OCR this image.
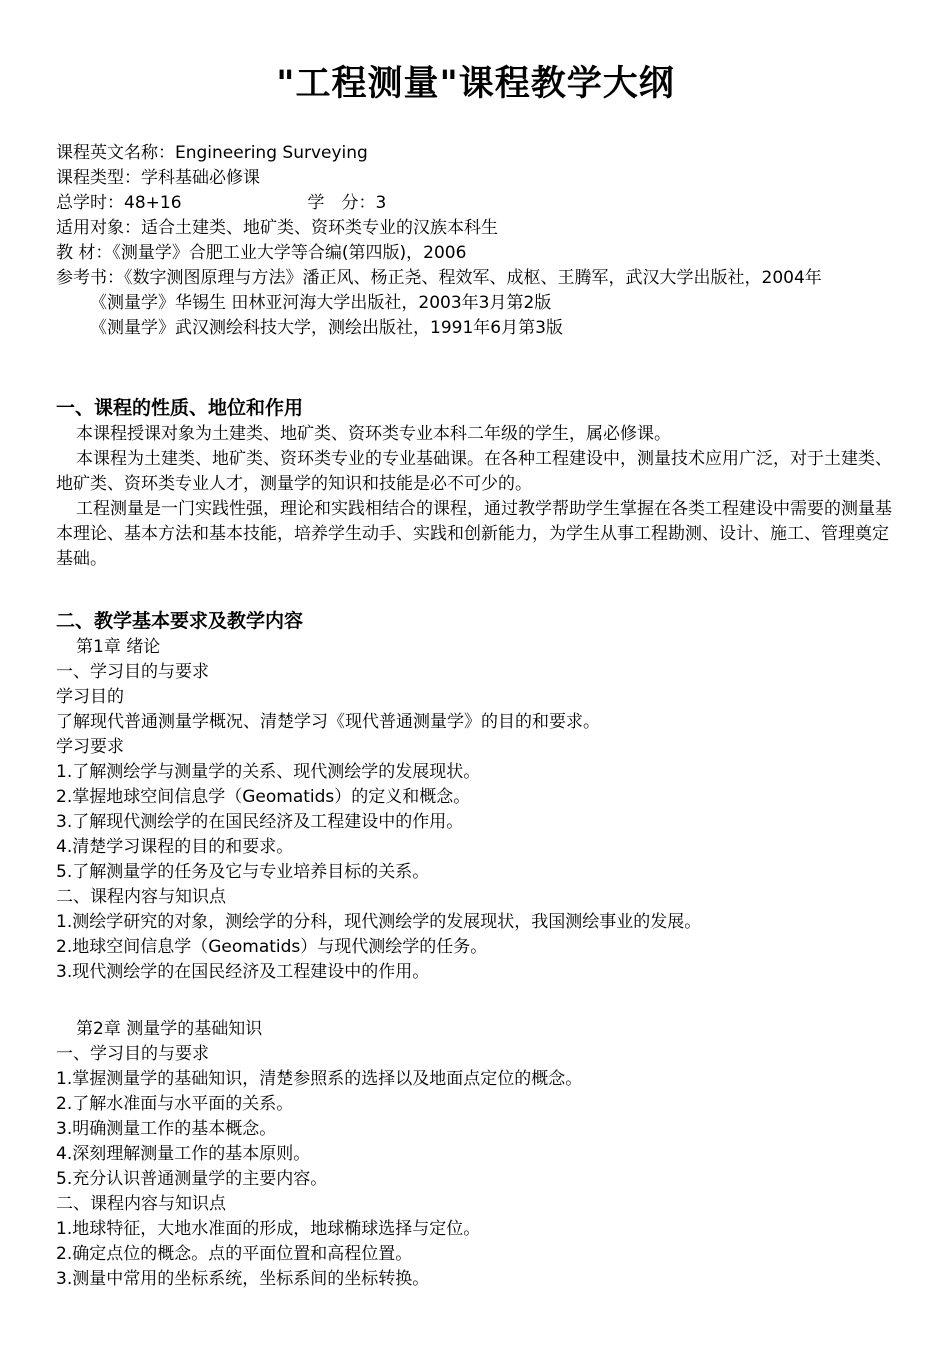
"工程测量"课程教学大纲
课程英文名称：Engineering Surveying
课程类型：学科基础必修课
总学时：48+16	学　分：3
适用对象：适合土建类、地矿类、资环类专业的汉族本科生
教 材：《测量学》合肥工业大学等合编(第四版)，2006
参考书：《数字测图原理与方法》潘正风、杨正尧、程效军、成枢、王腾军，武汉大学出版社，2004年
《测量学》华锡生 田林亚河海大学出版社，2003年3月第2版
《测量学》武汉测绘科技大学，测绘出版社，1991年6月第3版
一、课程的性质、地位和作用
本课程授课对象为土建类、地矿类、资环类专业本科二年级的学生，属必修课。
本课程为土建类、地矿类、资环类专业的专业基础课。在各种工程建设中，测量技术应用广泛，对于土建类、地矿类、资环类专业人才，测量学的知识和技能是必不可少的。
工程测量是一门实践性强，理论和实践相结合的课程，通过教学帮助学生掌握在各类工程建设中需要的测量基本理论、基本方法和基本技能，培养学生动手、实践和创新能力，为学生从事工程勘测、设计、施工、管理奠定基础。
二、教学基本要求及教学内容
第1章 绪论
一、学习目的与要求
学习目的
了解现代普通测量学概况、清楚学习《现代普通测量学》的目的和要求。
学习要求
1.了解测绘学与测量学的关系、现代测绘学的发展现状。
2.掌握地球空间信息学（Geomatids）的定义和概念。
3.了解现代测绘学的在国民经济及工程建设中的作用。
4.清楚学习课程的目的和要求。
5.了解测量学的任务及它与专业培养目标的关系。
二、课程内容与知识点
1.测绘学研究的对象，测绘学的分科，现代测绘学的发展现状，我国测绘事业的发展。
2.地球空间信息学（Geomatids）与现代测绘学的任务。
3.现代测绘学的在国民经济及工程建设中的作用。
第2章 测量学的基础知识
一、学习目的与要求
1.掌握测量学的基础知识，清楚参照系的选择以及地面点定位的概念。
2.了解水准面与水平面的关系。
3.明确测量工作的基本概念。
4.深刻理解测量工作的基本原则。
5.充分认识普通测量学的主要内容。
二、课程内容与知识点
1.地球特征，大地水准面的形成，地球椭球选择与定位。
2.确定点位的概念。点的平面位置和高程位置。
3.测量中常用的坐标系统，坐标系间的坐标转换。
